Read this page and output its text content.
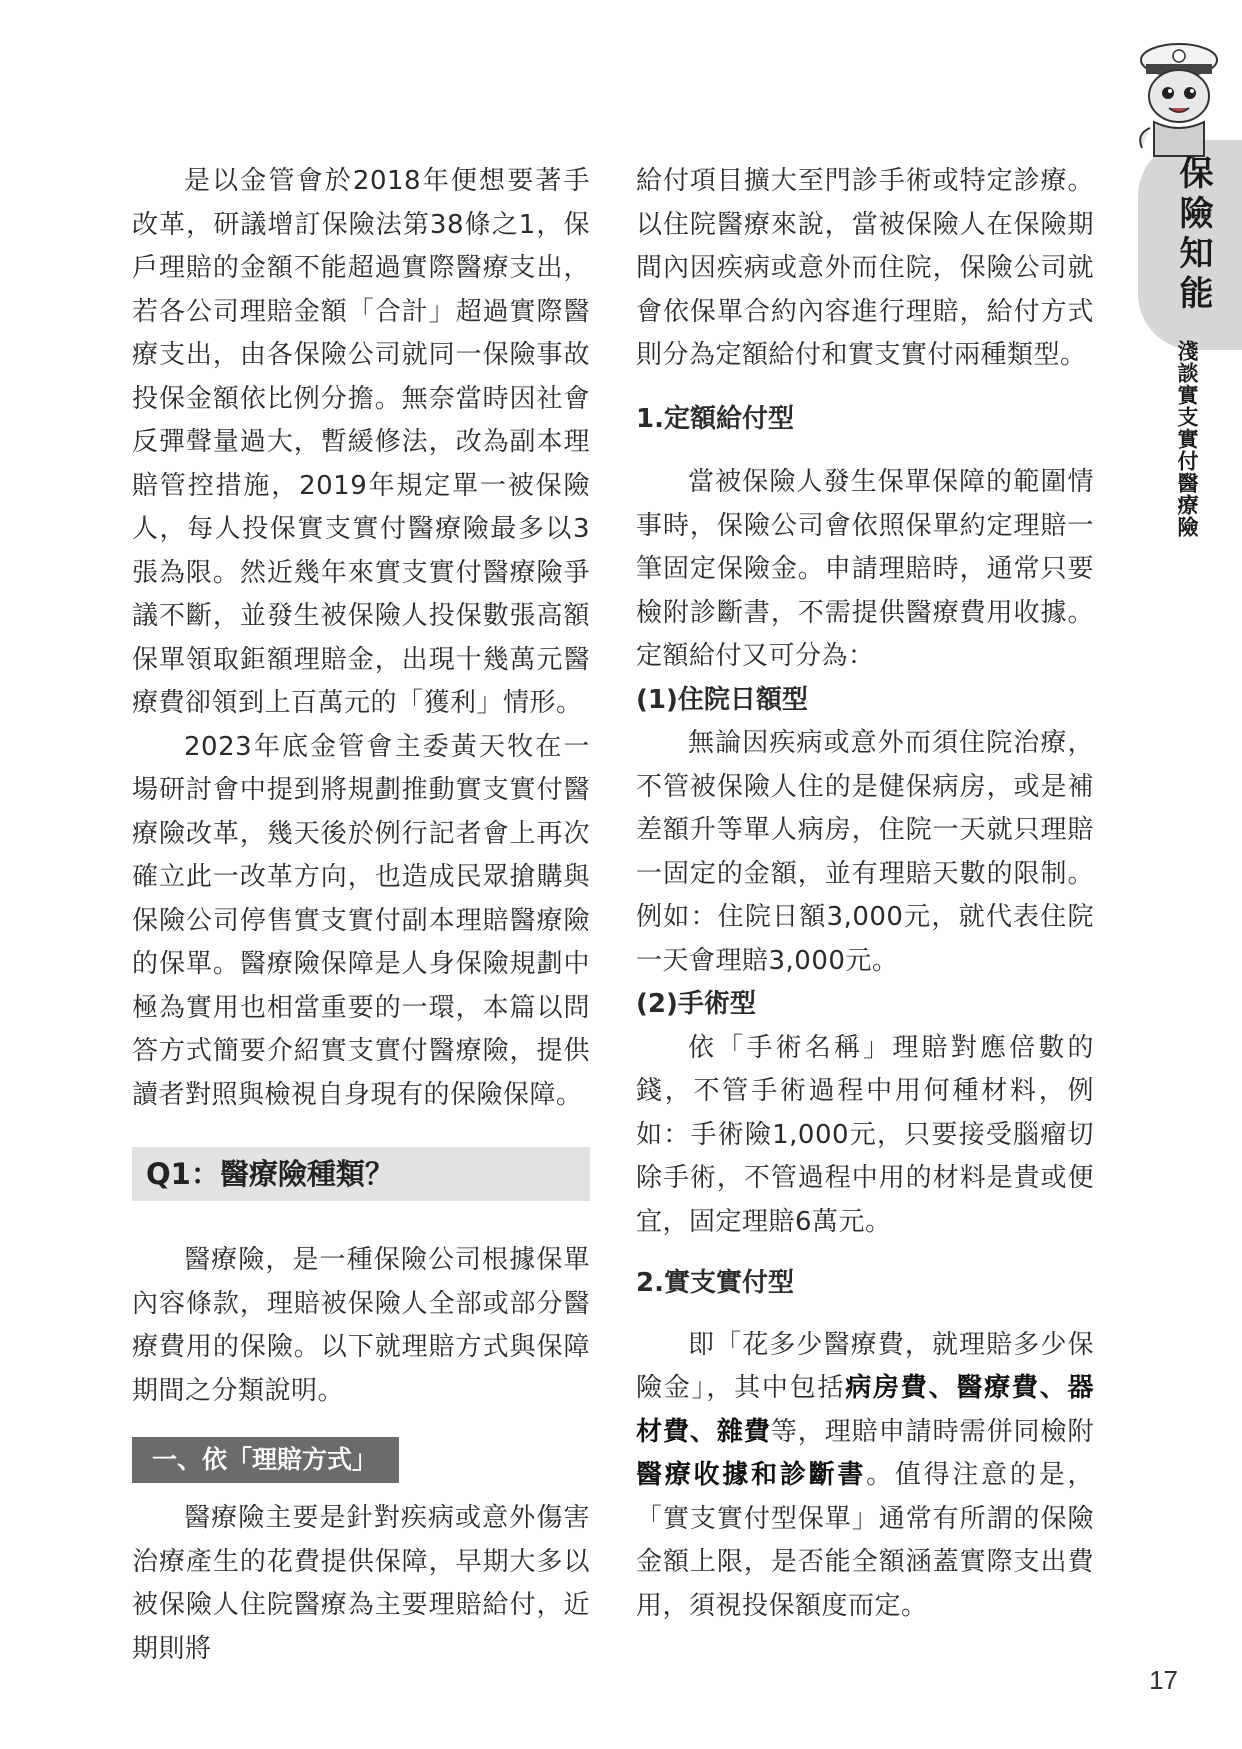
保險知能
淺談實支實付醫療險

是以金管會於2018年便想要著手改革，研議增訂保險法第38條之1，保戶理賠的金額不能超過實際醫療支出，若各公司理賠金額「合計」超過實際醫療支出，由各保險公司就同一保險事故投保金額依比例分擔。無奈當時因社會反彈聲量過大，暫緩修法，改為副本理賠管控措施，2019年規定單一被保險人，每人投保實支實付醫療險最多以3張為限。然近幾年來實支實付醫療險爭議不斷，並發生被保險人投保數張高額保單領取鉅額理賠金，出現十幾萬元醫療費卻領到上百萬元的「獲利」情形。

2023年底金管會主委黃天牧在一場研討會中提到將規劃推動實支實付醫療險改革，幾天後於例行記者會上再次確立此一改革方向，也造成民眾搶購與保險公司停售實支實付副本理賠醫療險的保單。醫療險保障是人身保險規劃中極為實用也相當重要的一環，本篇以問答方式簡要介紹實支實付醫療險，提供讀者對照與檢視自身現有的保險保障。

Q1：醫療險種類？

醫療險，是一種保險公司根據保單內容條款，理賠被保險人全部或部分醫療費用的保險。以下就理賠方式與保障期間之分類說明。

一、依「理賠方式」

醫療險主要是針對疾病或意外傷害治療產生的花費提供保障，早期大多以被保險人住院醫療為主要理賠給付，近期則將

給付項目擴大至門診手術或特定診療。以住院醫療來說，當被保險人在保險期間內因疾病或意外而住院，保險公司就會依保單合約內容進行理賠，給付方式則分為定額給付和實支實付兩種類型。

1.定額給付型

當被保險人發生保單保障的範圍情事時，保險公司會依照保單約定理賠一筆固定保險金。申請理賠時，通常只要檢附診斷書，不需提供醫療費用收據。定額給付又可分為：

(1)住院日額型

無論因疾病或意外而須住院治療，不管被保險人住的是健保病房，或是補差額升等單人病房，住院一天就只理賠一固定的金額，並有理賠天數的限制。例如：住院日額3,000元，就代表住院一天會理賠3,000元。

(2)手術型

依「手術名稱」理賠對應倍數的錢，不管手術過程中用何種材料，例如：手術險1,000元，只要接受腦瘤切除手術，不管過程中用的材料是貴或便宜，固定理賠6萬元。

2.實支實付型

即「花多少醫療費，就理賠多少保險金」，其中包括病房費、醫療費、器材費、雜費等，理賠申請時需併同檢附醫療收據和診斷書。值得注意的是，「實支實付型保單」通常有所謂的保險金額上限，是否能全額涵蓋實際支出費用，須視投保額度而定。

17
